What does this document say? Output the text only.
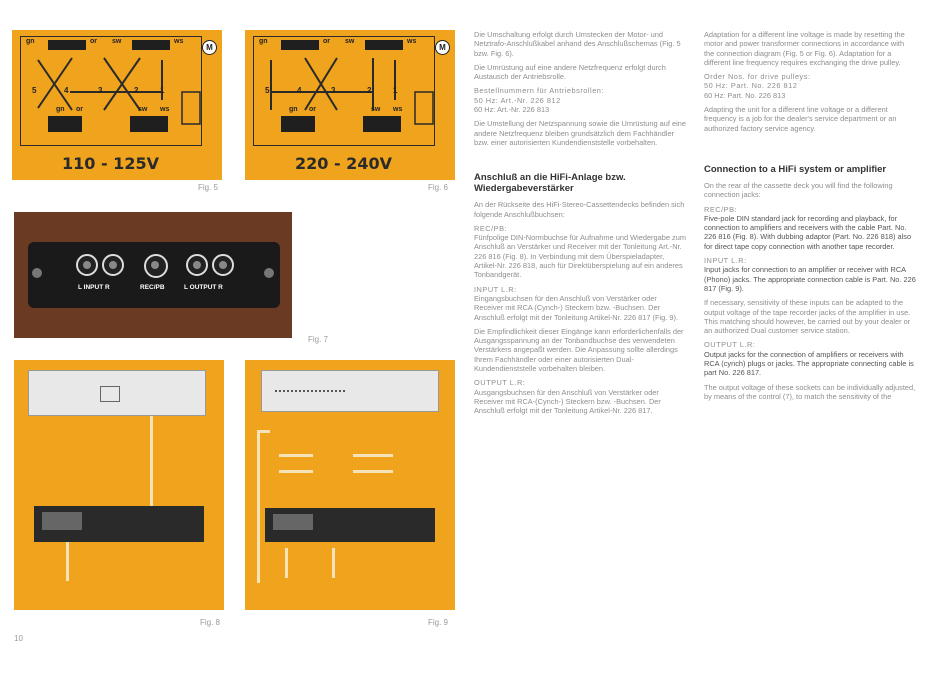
M
5	4	3	2	1
gn	or sw	ws
gn or	sw ws
110 - 125V
Fig. 5
M
5	4	3	2	1
gn	or sw	ws
gn or	sw ws
220 - 240V
Fig. 6
L INPUT R	REC/PB	L OUTPUT R
Fig. 7
Fig. 8	Fig. 9
10

Die Umschaltung erfolgt durch Umstecken der Motor- und Netztrafo-Anschlußkabel anhand des Anschlußschemas (Fig. 5 bzw. Fig. 6).

Die Umrüstung auf eine andere Netzfrequenz erfolgt durch Austausch der Antriebsrolle.

Bestellnummern für Antriebsrollen:

50 Hz: Art.-Nr. 226 812

60 Hz: Art.-Nr. 226 813

Die Umstellung der Netzspannung sowie die Umrüstung auf eine andere Netzfrequenz bleiben grundsätzlich dem Fachhändler bzw. einer autorisierten Kundendienststelle vorbehalten.

Anschluß an die HiFi-Anlage bzw. Wiedergabeverstärker

An der Rückseite des HiFi-Stereo-Cassettendecks befinden sich folgende Anschlußbuchsen:

REC/PB:

Fünfpolige DIN-Normbuchse für Aufnahme und Wiedergabe zum Anschluß an Verstärker und Receiver mit der Tonleitung Art.-Nr. 226 816 (Fig. 8). In Verbindung mit dem Überspieladapter, Artikel-Nr. 226 818, auch für Direktüberspielung auf ein anderes Tonbandgerät.

INPUT L.R:

Eingangsbuchsen für den Anschluß von Verstärker oder Receiver mit RCA (Cynch-) Steckern bzw. -Buchsen. Der Anschluß erfolgt mit der Tonleitung Artikel-Nr. 226 817 (Fig. 9).

Die Empfindlichkeit dieser Eingänge kann erforderlichenfalls der Ausgangsspannung an der Tonbandbuchse des verwendeten Verstärkers angepaßt werden. Die Anpassung sollte allerdings Ihrem Fachhändler oder einer autorisierten Dual-Kundendienststelle vorbehalten bleiben.

OUTPUT L.R:

Ausgangsbuchsen für den Anschluß von Verstärker oder Receiver mit RCA-(Cynch-) Steckern bzw. -Buchsen. Der Anschluß erfolgt mit der Tonleitung Artikel-Nr. 226 817.

Adaptation for a different line voltage is made by resetting the motor and power transformer connections in accordance with the connection diagram (Fig. 5 or Fig. 6). Adaptation for a different line frequency requires exchanging the drive pulley.

Order Nos. for drive pulleys:

50 Hz: Part. No. 226 812

60 Hz: Part. No. 226 813

Adapting the unit for a different line voltage or a different frequency is a job for the dealer's service department or an authorized factory service agency.

Connection to a HiFi system or amplifier

On the rear of the cassette deck you will find the following connection jacks:

REC/PB:

Five-pole DIN standard jack for recording and playback, for connection to amplifiers and receivers with the cable Part. No. 226 816 (Fig. 8). With dubbing adaptor (Part. No. 226 818) also for direct tape copy connection with another tape recorder.

INPUT L.R:

Input jacks for connection to an amplifier or receiver with RCA (Phono) jacks. The appropriate connection cable is Part. No. 226 817 (Fig. 9).

If necessary, sensitivity of these inputs can be adapted to the output voltage of the tape recorder jacks of the amplifier in use. This matching should however, be carried out by your dealer or an authorized Dual customer service station.

OUTPUT L.R:

Output jacks for the connection of amplifiers or receivers with RCA (cynch) plugs or jacks. The appropriate connecting cable is part No. 226 817.

The output voltage of these sockets can be individually adjusted, by means of the control (7), to match the sensitivity of the
